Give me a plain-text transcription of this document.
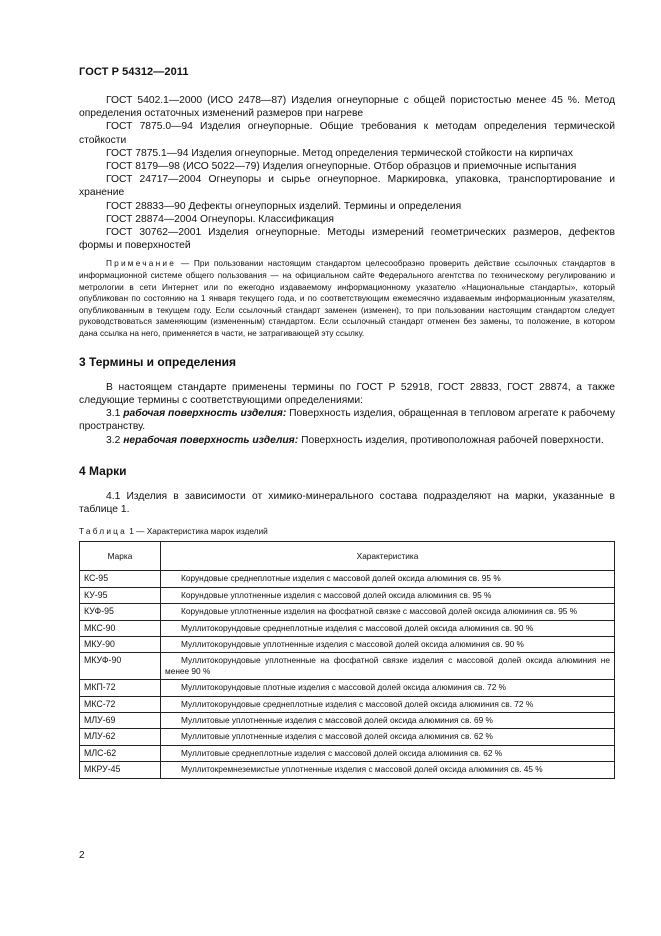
ГОСТ Р 54312—2011

ГОСТ 5402.1—2000 (ИСО 2478—87) Изделия огнеупорные с общей пористостью менее 45 %. Метод определения остаточных изменений размеров при нагреве

ГОСТ 7875.0—94 Изделия огнеупорные. Общие требования к методам определения термической стойкости

ГОСТ 7875.1—94 Изделия огнеупорные. Метод определения термической стойкости на кирпичах

ГОСТ 8179—98 (ИСО 5022—79) Изделия огнеупорные. Отбор образцов и приемочные испытания

ГОСТ 24717—2004 Огнеупоры и сырье огнеупорное. Маркировка, упаковка, транспортирование и хранение

ГОСТ 28833—90 Дефекты огнеупорных изделий. Термины и определения

ГОСТ 28874—2004 Огнеупоры. Классификация

ГОСТ 30762—2001 Изделия огнеупорные. Методы измерений геометрических размеров, дефектов формы и поверхностей

Примечание — При пользовании настоящим стандартом целесообразно проверить действие ссылочных стандартов в информационной системе общего пользования — на официальном сайте Федерального агентства по техническому регулированию и метрологии в сети Интернет или по ежегодно издаваемому информационному указателю «Национальные стандарты», который опубликован по состоянию на 1 января текущего года, и по соответствующим ежемесячно издаваемым информационным указателям, опубликованным в текущем году. Если ссылочный стандарт заменен (изменен), то при пользовании настоящим стандартом следует руководствоваться заменяющим (измененным) стандартом. Если ссылочный стандарт отменен без замены, то положение, в котором дана ссылка на него, применяется в части, не затрагивающей эту ссылку.

3 Термины и определения

В настоящем стандарте применены термины по ГОСТ Р 52918, ГОСТ 28833, ГОСТ 28874, а также следующие термины с соответствующими определениями:

3.1 рабочая поверхность изделия: Поверхность изделия, обращенная в тепловом агрегате к рабочему пространству.

3.2 нерабочая поверхность изделия: Поверхность изделия, противоположная рабочей поверхности.

4 Марки

4.1 Изделия в зависимости от химико-минерального состава подразделяют на марки, указанные в таблице 1.

Таблица 1 — Характеристика марок изделий

Марка	Характеристика
КС-95	Корундовые среднеплотные изделия с массовой долей оксида алюминия св. 95 %

КУ-95	Корундовые уплотненные изделия с массовой долей оксида алюминия св. 95 %

КУФ-95	Корундовые уплотненные изделия на фосфатной связке с массовой долей оксида алюминия св. 95 %

МКС-90	Муллитокорундовые среднеплотные изделия с массовой долей оксида алюминия св. 90 %

МКУ-90	Муллитокорундовые уплотненные изделия с массовой долей оксида алюминия св. 90 %

МКУФ-90	Муллитокорундовые уплотненные на фосфатной связке изделия с массовой долей оксида алюминия не менее 90 %

МКП-72	Муллитокорундовые плотные изделия с массовой долей оксида алюминия св. 72 %

МКС-72	Муллитокорундовые среднеплотные изделия с массовой долей оксида алюминия св. 72 %

МЛУ-69	Муллитовые уплотненные изделия с массовой долей оксида алюминия св. 69 %

МЛУ-62	Муллитовые уплотненные изделия с массовой долей оксида алюминия св. 62 %

МЛС-62	Муллитовые среднеплотные изделия с массовой долей оксида алюминия св. 62 %

МКРУ-45	Муллитокремнеземистые уплотненные изделия с массовой долей оксида алюминия св. 45 %
2
